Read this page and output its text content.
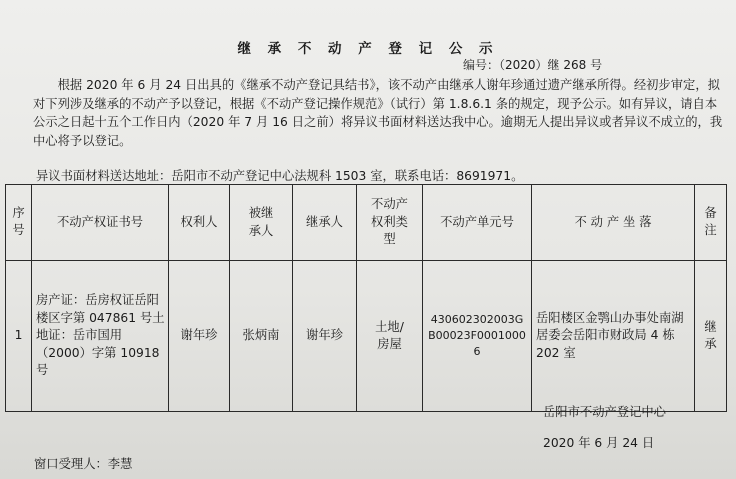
继 承 不 动 产 登 记 公 示
编号：（2020）继 268 号
根据 2020 年 6 月 24 日出具的《继承不动产登记具结书》，该不动产由继承人谢年珍通过遗产继承所得。经初步审定，拟对下列涉及继承的不动产予以登记，根据《不动产登记操作规范》（试行）第 1.8.6.1 条的规定，现予公示。如有异议，请自本公示之日起十五个工作日内（2020 年 7 月 16 日之前）将异议书面材料送达我中心。逾期无人提出异议或者异议不成立的，我中心将予以登记。
异议书面材料送达地址：岳阳市不动产登记中心法规科 1503 室，联系电话：8691971。
序号	不动产权证书号	权利人	被继承人	继承人	不动产权利类型	不动产单元号	不 动 产 坐 落	备注
1	房产证：岳房权证岳阳楼区字第 047861 号土地证：岳市国用（2000）字第 10918 号	谢年珍	张炳南	谢年珍	土地/房屋	430602302003GB00023F00010006	岳阳楼区金鹗山办事处南湖居委会岳阳市财政局 4 栋 202 室	继承
岳阳市不动产登记中心
2020 年 6 月 24 日
窗口受理人：李慧
